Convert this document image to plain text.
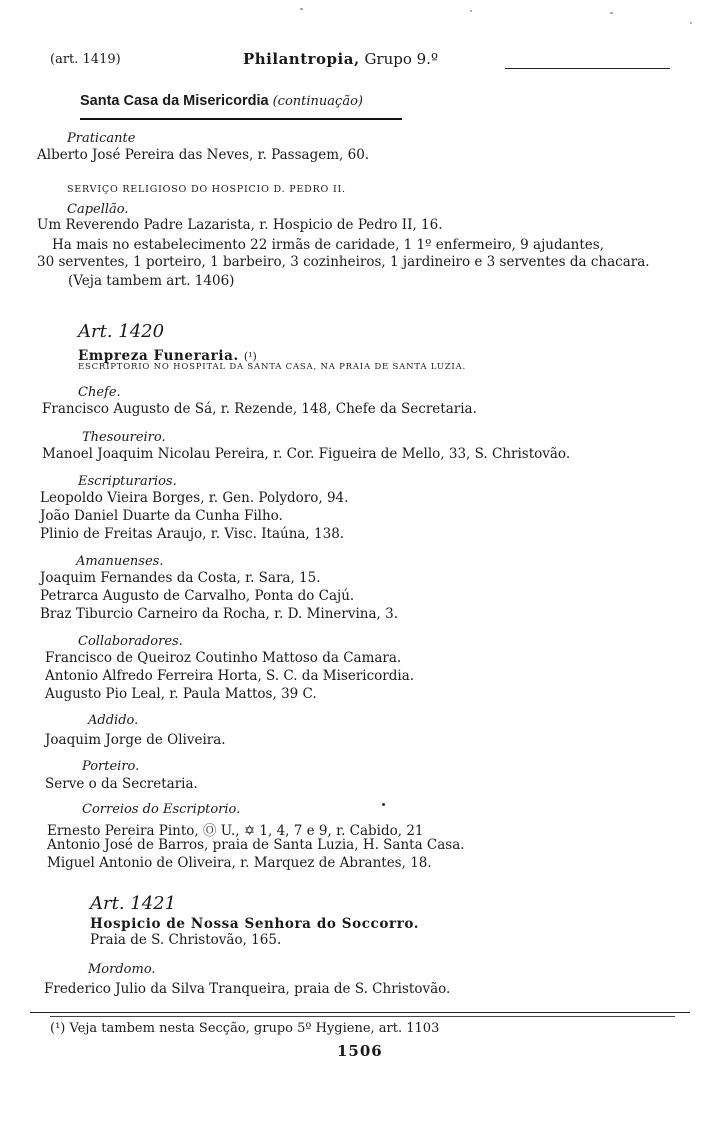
(art. 1419)	Philantropia, Grupo 9.º
Santa Casa da Misericordia (continuação)
Praticante
Alberto José Pereira das Neves, r. Passagem, 60.
SERVIÇO RELIGIOSO DO HOSPICIO D. PEDRO II.
Capellão.
Um Reverendo Padre Lazarista, r. Hospicio de Pedro II, 16.
Ha mais no estabelecimento 22 irmãs de caridade, 1 1º enfermeiro, 9 ajudantes,
30 serventes, 1 porteiro, 1 barbeiro, 3 cozinheiros, 1 jardineiro e 3 serventes da chacara.
(Veja tambem art. 1406)
Art. 1420
Empreza Funeraria. (¹)
ESCRIPTORIO NO HOSPITAL DA SANTA CASA, NA PRAIA DE SANTA LUZIA.
Chefe.
Francisco Augusto de Sá, r. Rezende, 148, Chefe da Secretaria.
Thesoureiro.
Manoel Joaquim Nicolau Pereira, r. Cor. Figueira de Mello, 33, S. Christovão.
Escripturarios.
Leopoldo Vieira Borges, r. Gen. Polydoro, 94.
João Daniel Duarte da Cunha Filho.
Plinio de Freitas Araujo, r. Visc. Itaúna, 138.
Amanuenses.
Joaquim Fernandes da Costa, r. Sara, 15.
Petrarca Augusto de Carvalho, Ponta do Cajú.
Braz Tiburcio Carneiro da Rocha, r. D. Minervina, 3.
Collaboradores.
Francisco de Queiroz Coutinho Mattoso da Camara.
Antonio Alfredo Ferreira Horta, S. C. da Misericordia.
Augusto Pio Leal, r. Paula Mattos, 39 C.
Addido.
Joaquim Jorge de Oliveira.
Porteiro.
Serve o da Secretaria.
Correios do Escriptorio.
Ernesto Pereira Pinto, Ⓞ U., ✡ 1, 4, 7 e 9, r. Cabido, 21
Antonio José de Barros, praia de Santa Luzia, H. Santa Casa.
Miguel Antonio de Oliveira, r. Marquez de Abrantes, 18.
Art. 1421
Hospicio de Nossa Senhora do Soccorro.
Praia de S. Christovão, 165.
Mordomo.
Frederico Julio da Silva Tranqueira, praia de S. Christovão.
(¹) Veja tambem nesta Secção, grupo 5º Hygiene, art. 1103
1506
